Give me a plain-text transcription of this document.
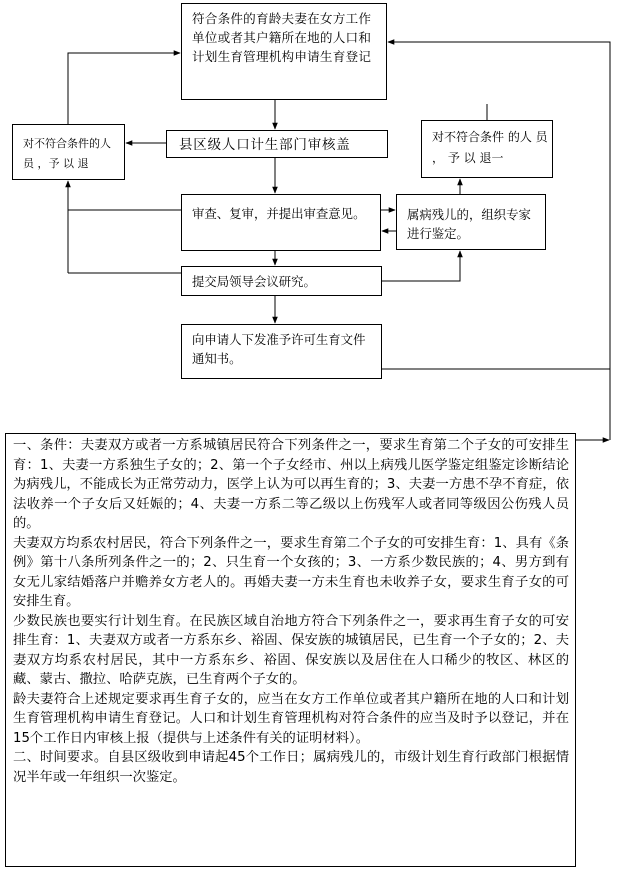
符合条件的育龄夫妻在女方工作单位或者其户籍所在地的人口和计划生育管理机构申请生育登记
对不符合条件的人 员 ，予 以 退
县区级人口计生部门审核盖	对不符合条件 的人 员 ， 予 以 退一
审查、复审，并提出审查意见。	属病残儿的，组织专家进行鉴定。
提交局领导会议研究。
向申请人下发准予许可生育文件通知书。
一、条件：夫妻双方或者一方系城镇居民符合下列条件之一，要求生育第二个子女的可安排生育：1、夫妻一方系独生子女的；2、第一个子女经市、州以上病残儿医学鉴定组鉴定诊断结论为病残儿，不能成长为正常劳动力，医学上认为可以再生育的；3、夫妻一方患不孕不育症，依法收养一个子女后又妊娠的；4、夫妻一方系二等乙级以上伤残军人或者同等级因公伤残人员的。
夫妻双方均系农村居民，符合下列条件之一，要求生育第二个子女的可安排生育：1、具有《条例》第十八条所列条件之一的；2、只生育一个女孩的；3、一方系少数民族的；4、男方到有女无儿家结婚落户并赡养女方老人的。再婚夫妻一方未生育也未收养子女，要求生育子女的可安排生育。
少数民族也要实行计划生育。在民族区域自治地方符合下列条件之一，要求再生育子女的可安排生育：1、夫妻双方或者一方系东乡、裕固、保安族的城镇居民，已生育一个子女的；2、夫妻双方均系农村居民，其中一方系东乡、裕固、保安族以及居住在人口稀少的牧区、林区的藏、蒙古、撒拉、哈萨克族，已生育两个子女的。
龄夫妻符合上述规定要求再生育子女的，应当在女方工作单位或者其户籍所在地的人口和计划生育管理机构申请生育登记。人口和计划生育管理机构对符合条件的应当及时予以登记，并在15个工作日内审核上报（提供与上述条件有关的证明材料）。
二、时间要求。自县区级收到申请起45个工作日；属病残儿的，市级计划生育行政部门根据情况半年或一年组织一次鉴定。
